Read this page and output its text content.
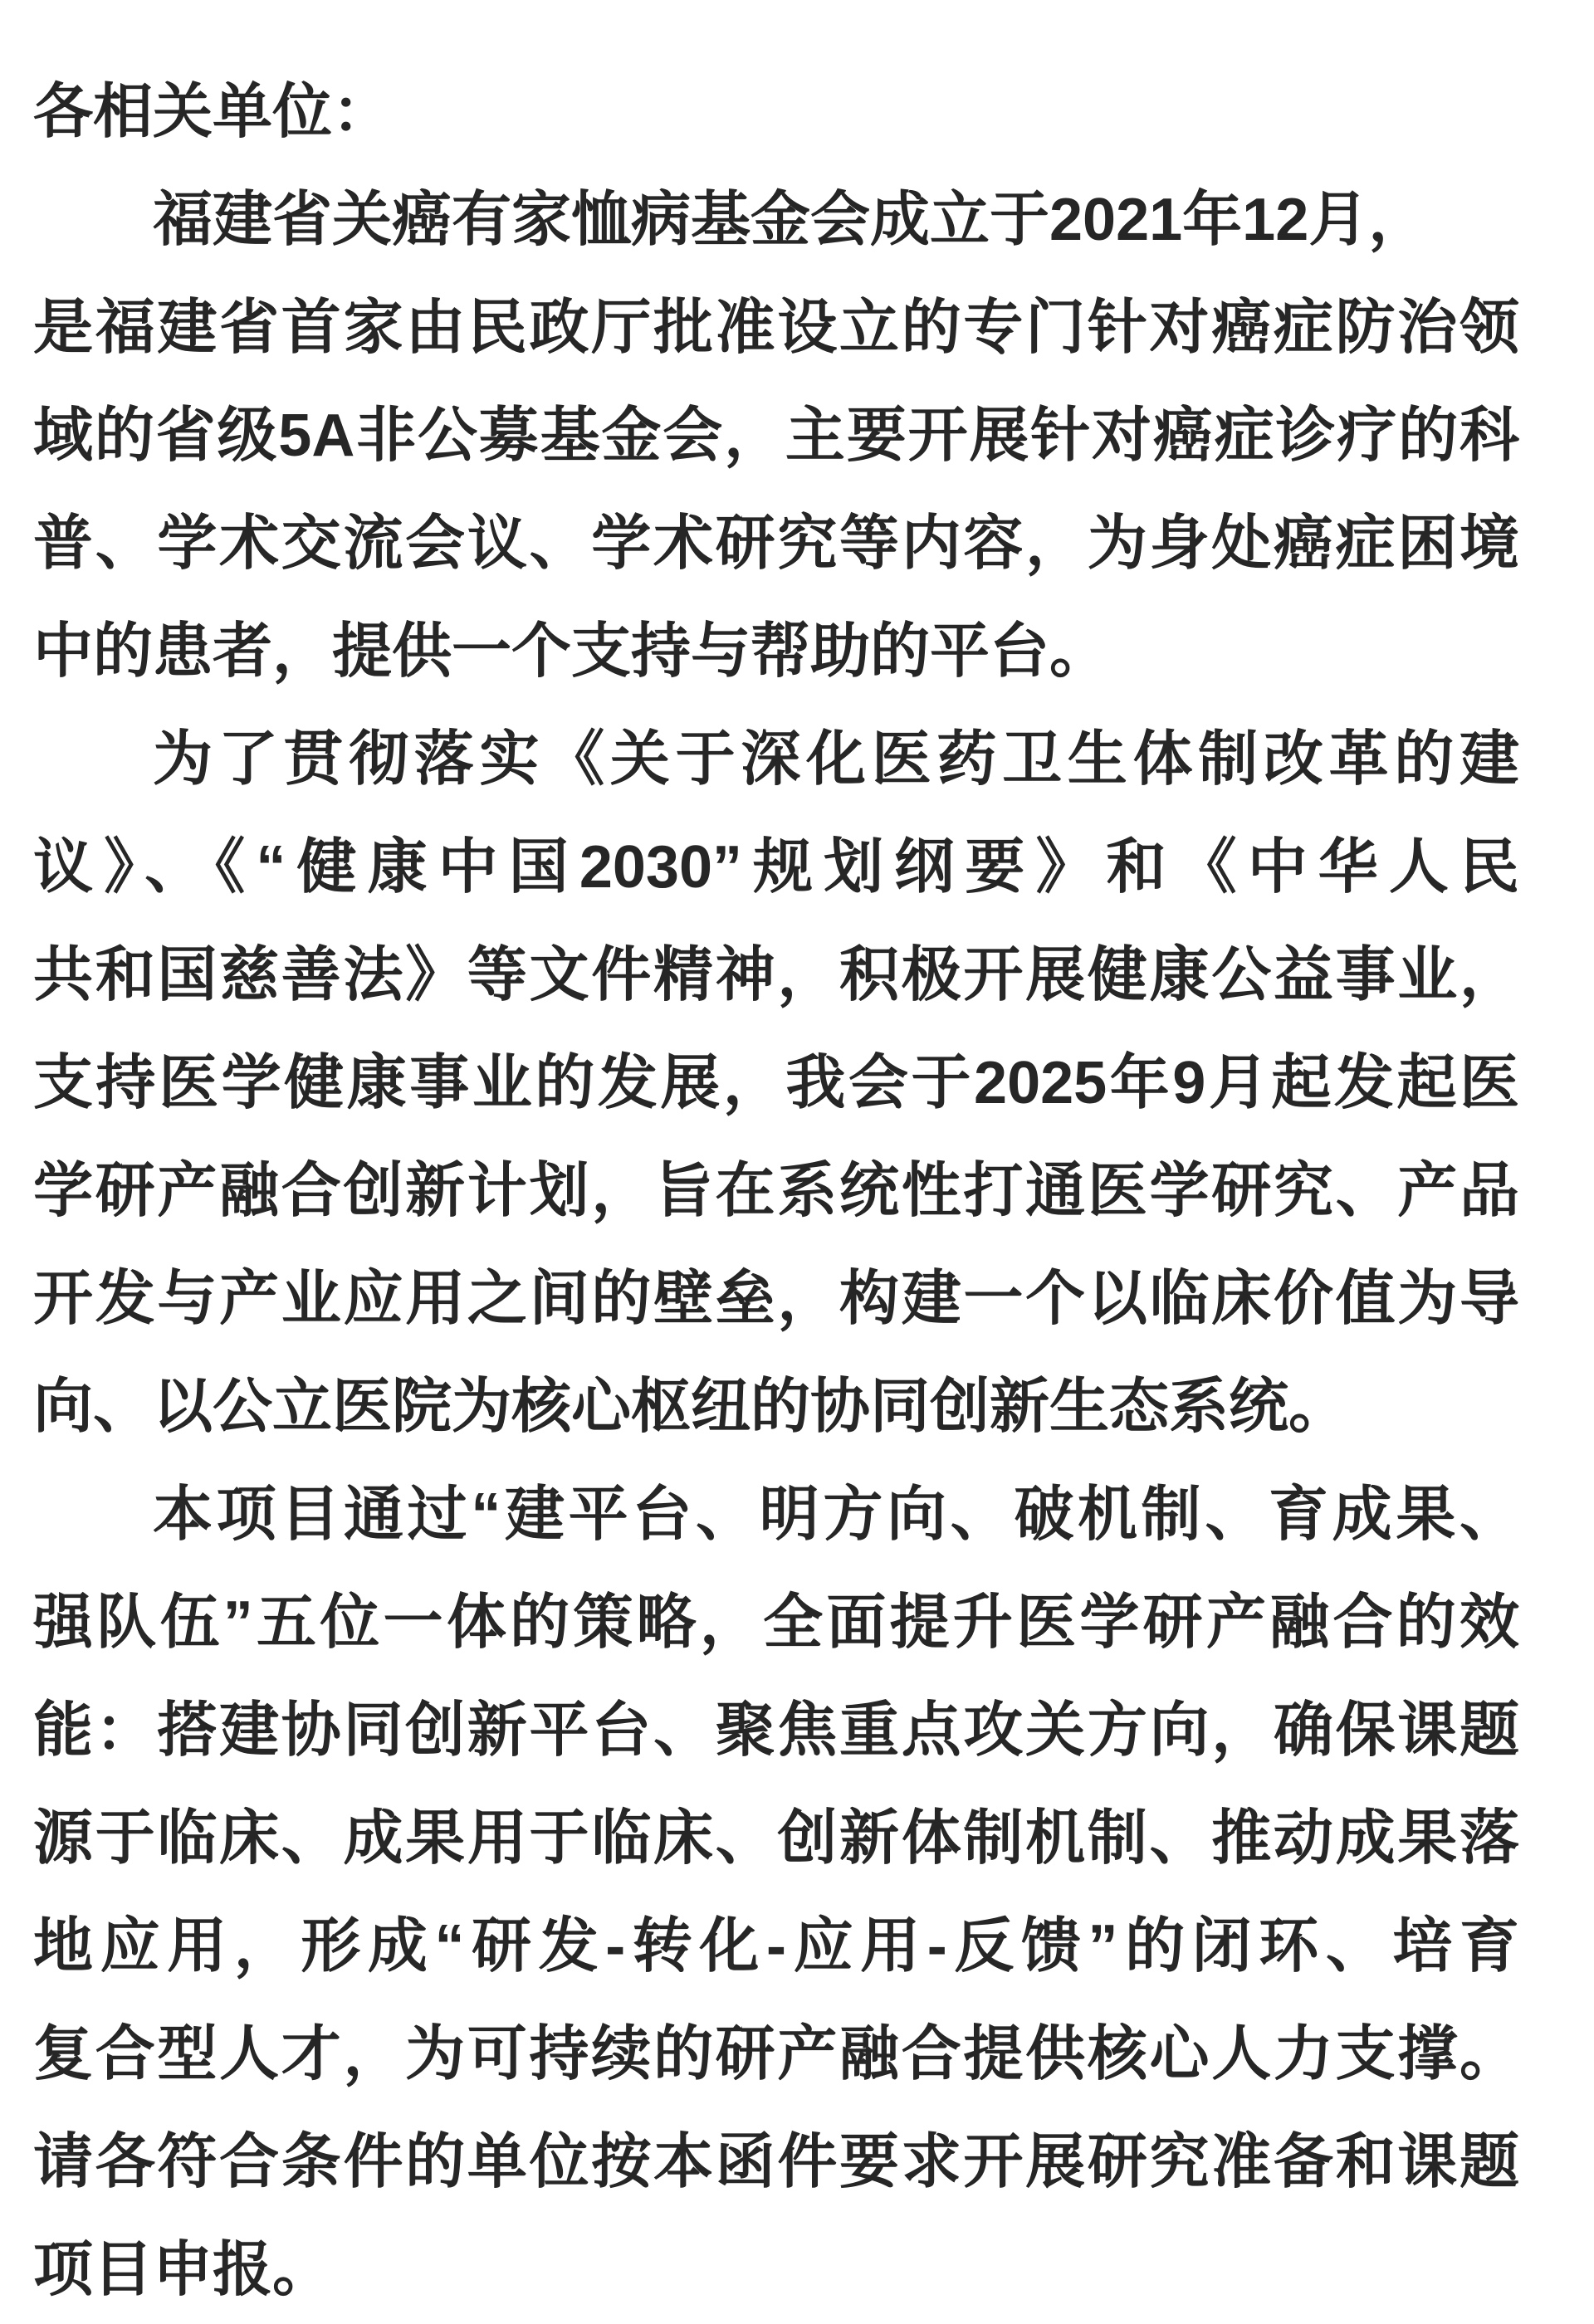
各相关单位：
福建省关癌有家恤病基金会成立于2021年12月，
是福建省首家由民政厅批准设立的专门针对癌症防治领
域的省级5A非公募基金会，主要开展针对癌症诊疗的科
普、学术交流会议、学术研究等内容，为身处癌症困境
中的患者，提供一个支持与帮助的平台。
为了贯彻落实《关于深化医药卫生体制改革的建
议》、《“健康中国2030”规划纲要》和《中华人民
共和国慈善法》等文件精神，积极开展健康公益事业，
支持医学健康事业的发展，我会于2025年9月起发起医
学研产融合创新计划，旨在系统性打通医学研究、产品
开发与产业应用之间的壁垒，构建一个以临床价值为导
向、以公立医院为核心枢纽的协同创新生态系统。
本项目通过“建平台、明方向、破机制、育成果、
强队伍”五位一体的策略，全面提升医学研产融合的效
能：搭建协同创新平台、聚焦重点攻关方向，确保课题
源于临床、成果用于临床、创新体制机制、推动成果落
地应用，形成“研发-转化-应用-反馈”的闭环、培育
复合型人才，为可持续的研产融合提供核心人力支撑。
请各符合条件的单位按本函件要求开展研究准备和课题
项目申报。
